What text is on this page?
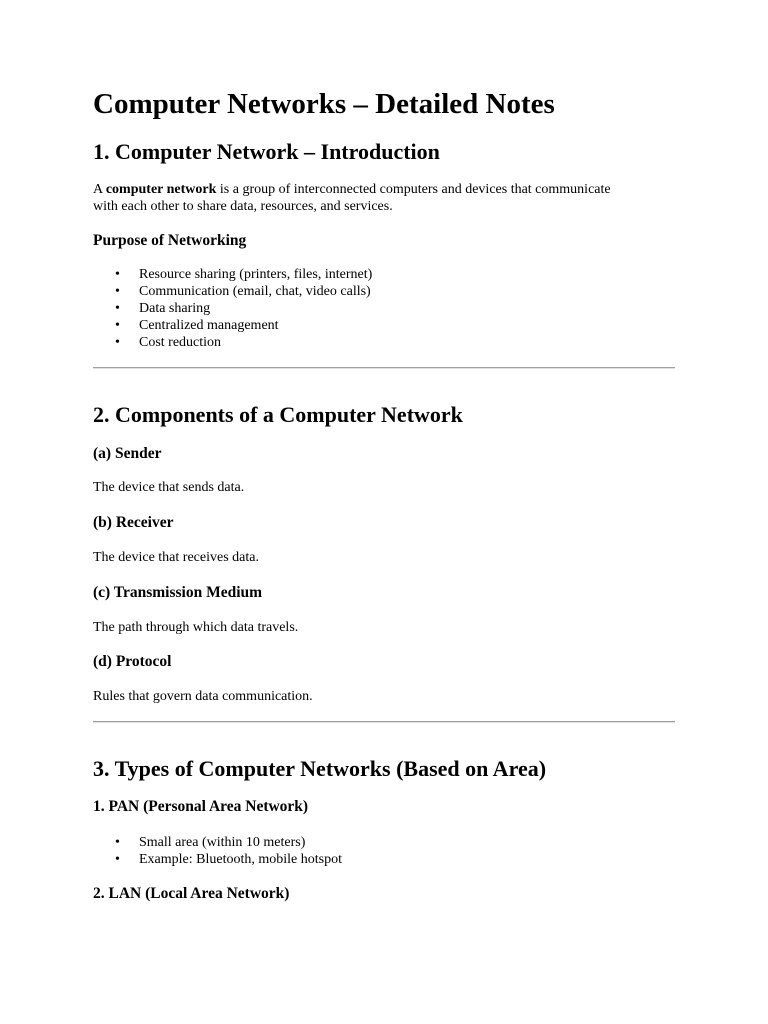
Computer Networks – Detailed Notes
1. Computer Network – Introduction

A computer network is a group of interconnected computers and devices that communicate
with each other to share data, resources, and services.

Purpose of Networking
• Resource sharing (printers, files, internet)
• Communication (email, chat, video calls)
• Data sharing
• Centralized management
• Cost reduction
2. Components of a Computer Network
(a) Sender

The device that sends data.

(b) Receiver

The device that receives data.

(c) Transmission Medium

The path through which data travels.

(d) Protocol

Rules that govern data communication.

3. Types of Computer Networks (Based on Area)
1. PAN (Personal Area Network)
• Small area (within 10 meters)
• Example: Bluetooth, mobile hotspot
2. LAN (Local Area Network)
